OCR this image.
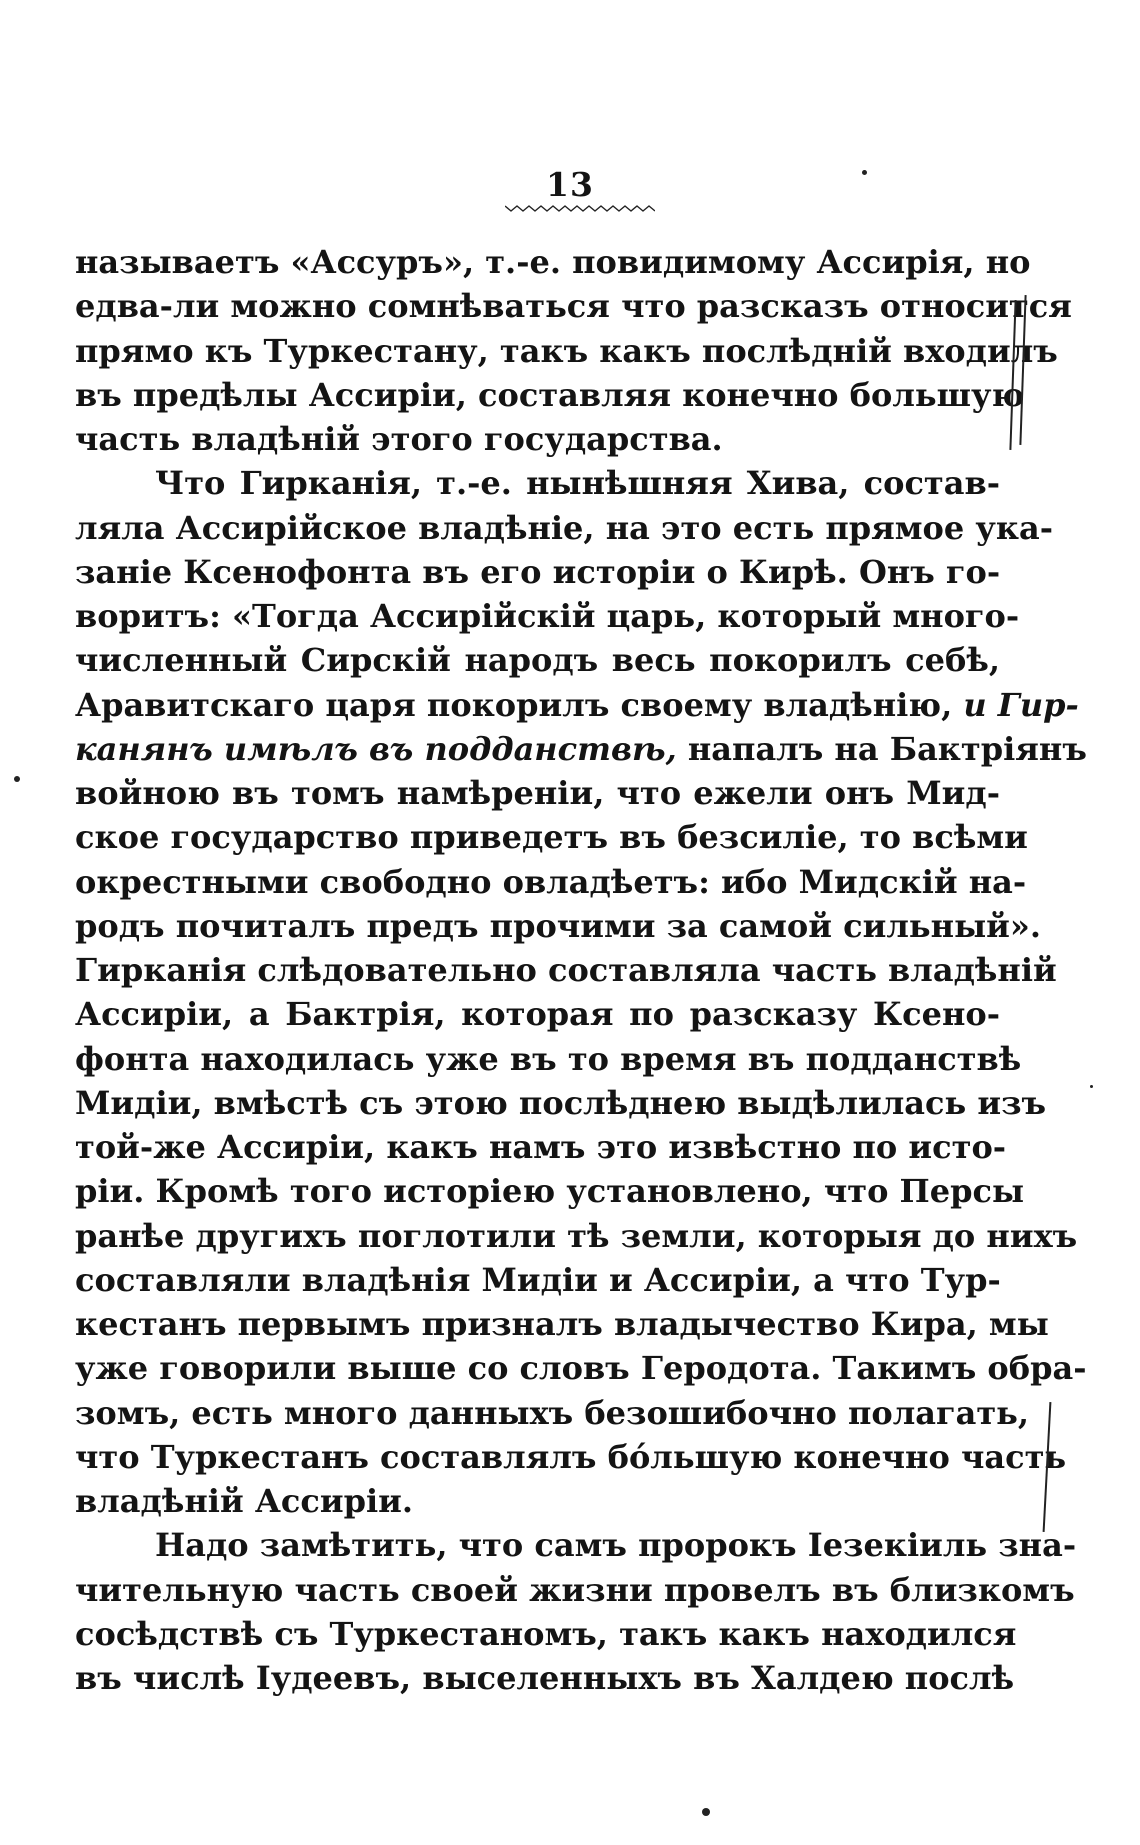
13
называетъ «Ассуръ», т.-е. повидимому Ассирія, но
едва-ли можно сомнѣваться что разсказъ относится
прямо къ Туркестану, такъ какъ послѣдній входилъ
въ предѣлы Ассиріи, составляя конечно большую
часть владѣній этого государства.
Что Гирканія, т.-е. нынѣшняя Хива, состав-
ляла Ассирійское владѣніе, на это есть прямое ука-
заніе Ксенофонта въ его исторіи о Кирѣ. Онъ го-
воритъ: «Тогда Ассирійскій царь, который много-
численный Сирскій народъ весь покорилъ себѣ,
Аравитскаго царя покорилъ своему владѣнію, и Гир-
канянъ имѣлъ въ подданствѣ, напалъ на Бактріянъ
войною въ томъ намѣреніи, что ежели онъ Мид-
ское государство приведетъ въ безсиліе, то всѣми
окрестными свободно овладѣетъ: ибо Мидскій на-
родъ почиталъ предъ прочими за самой сильный».
Гирканія слѣдовательно составляла часть владѣній
Ассиріи, а Бактрія, которая по разсказу Ксено-
фонта находилась уже въ то время въ подданствѣ
Мидіи, вмѣстѣ съ этою послѣднею выдѣлилась изъ
той-же Ассиріи, какъ намъ это извѣстно по исто-
ріи. Кромѣ того исторіею установлено, что Персы
ранѣе другихъ поглотили тѣ земли, которыя до нихъ
составляли владѣнія Мидіи и Ассиріи, а что Тур-
кестанъ первымъ призналъ владычество Кира, мы
уже говорили выше со словъ Геродота. Такимъ обра-
зомъ, есть много данныхъ безошибочно полагать,
что Туркестанъ составлялъ бóльшую конечно часть
владѣній Ассиріи.
Надо замѣтить, что самъ пророкъ Іезекіиль зна-
чительную часть своей жизни провелъ въ близкомъ
сосѣдствѣ съ Туркестаномъ, такъ какъ находился
въ числѣ Іудеевъ, выселенныхъ въ Халдею послѣ
